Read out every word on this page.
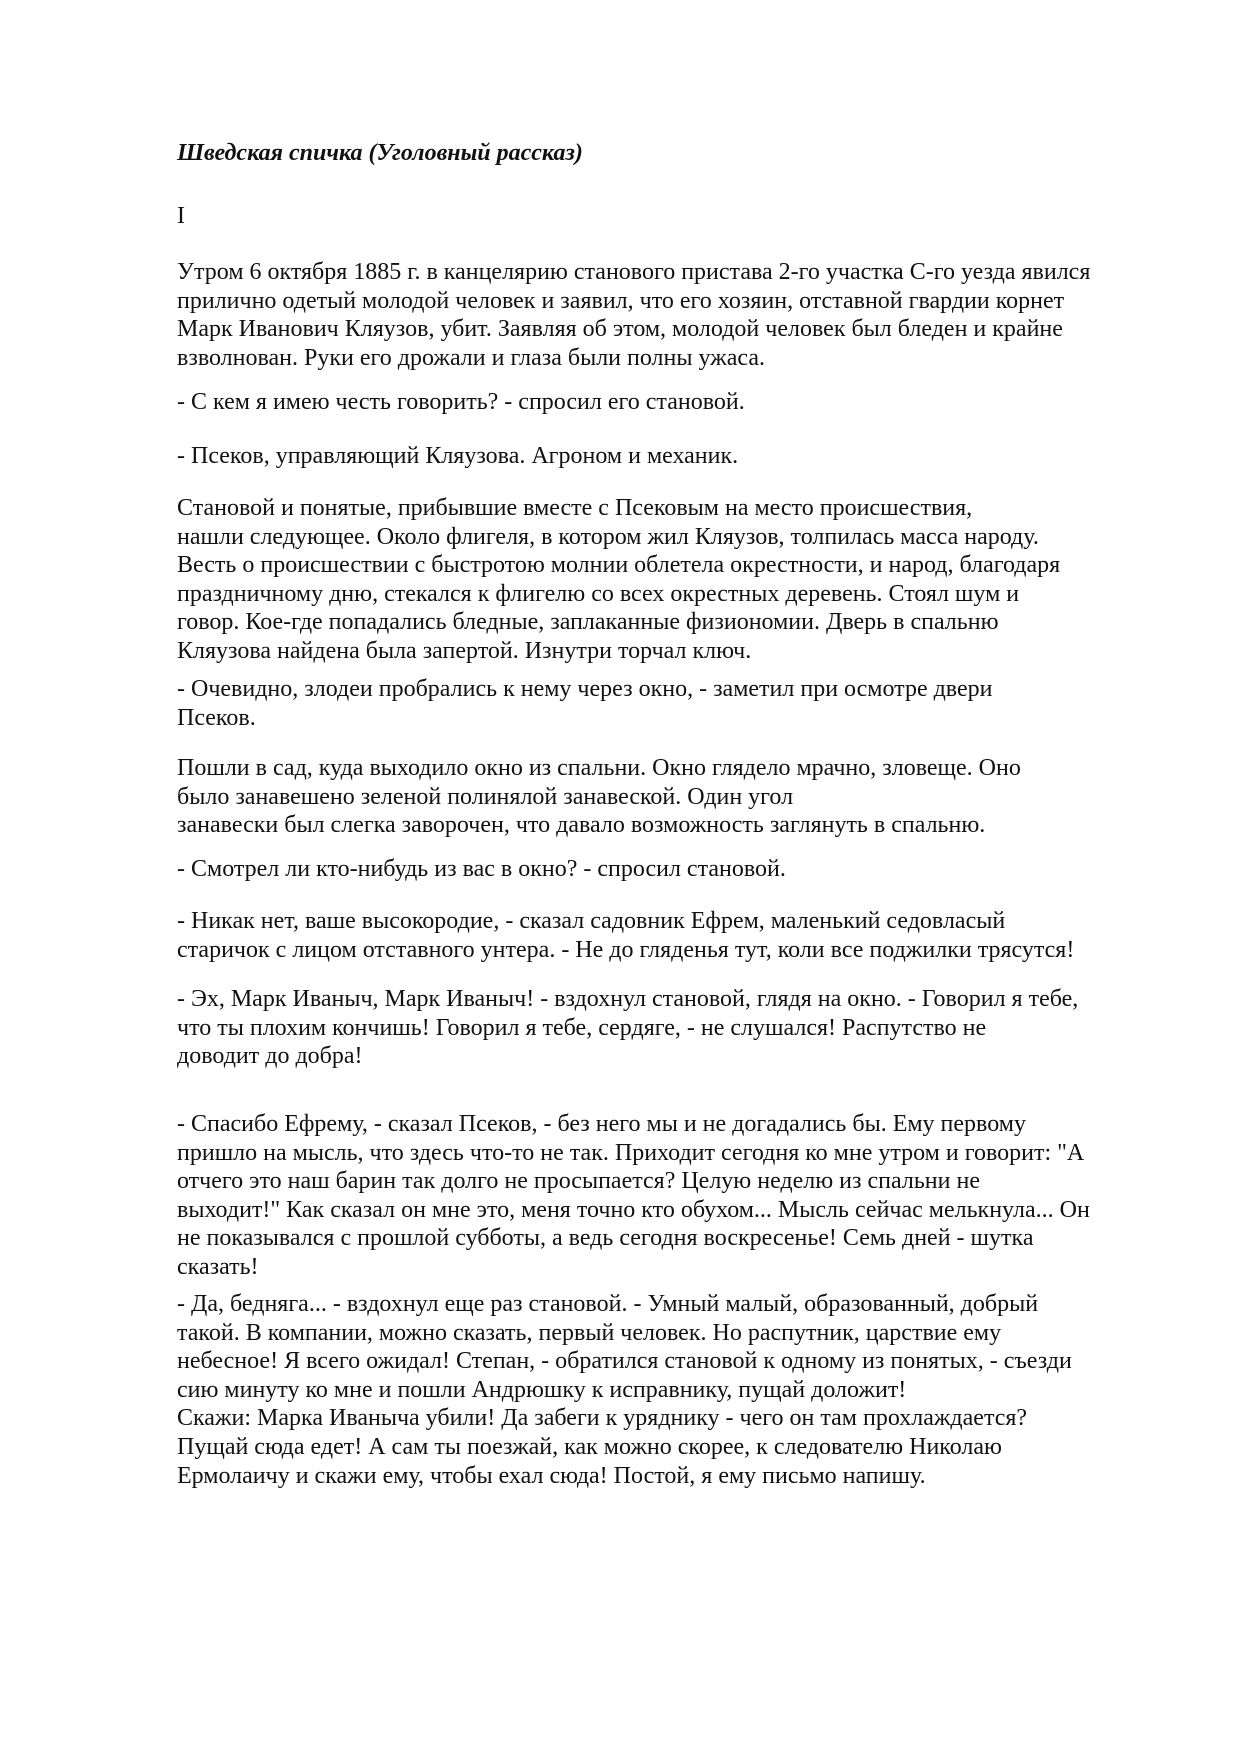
Шведская спичка (Уголовный рассказ)
I
Утром 6 октября 1885 г. в канцелярию станового пристава 2-го участка С-го уезда явился
прилично одетый молодой человек и заявил, что его хозяин, отставной гвардии корнет
Марк Иванович Кляузов, убит. Заявляя об этом, молодой человек был бледен и крайне
взволнован. Руки его дрожали и глаза были полны ужаса.
- С кем я имею честь говорить? - спросил его становой.
- Псеков, управляющий Кляузова. Агроном и механик.
Становой и понятые, прибывшие вместе с Псековым на место происшествия,
нашли следующее. Около флигеля, в котором жил Кляузов, толпилась масса народу.
Весть о происшествии с быстротою молнии облетела окрестности, и народ, благодаря
праздничному дню, стекался к флигелю со всех окрестных деревень. Стоял шум и
говор. Кое-где попадались бледные, заплаканные физиономии. Дверь в спальню
Кляузова найдена была запертой. Изнутри торчал ключ.
- Очевидно, злодеи пробрались к нему через окно, - заметил при осмотре двери
Псеков.
Пошли в сад, куда выходило окно из спальни. Окно глядело мрачно, зловеще. Оно
было занавешено зеленой полинялой занавеской. Один угол
занавески был слегка заворочен, что давало возможность заглянуть в спальню.
- Смотрел ли кто-нибудь из вас в окно? - спросил становой.
- Никак нет, ваше высокородие, - сказал садовник Ефрем, маленький седовласый
старичок с лицом отставного унтера. - Не до гляденья тут, коли все поджилки трясутся!
- Эх, Марк Иваныч, Марк Иваныч! - вздохнул становой, глядя на окно. - Говорил я тебе,
что ты плохим кончишь! Говорил я тебе, сердяге, - не слушался! Распутство не
доводит до добра!
- Спасибо Ефрему, - сказал Псеков, - без него мы и не догадались бы. Ему первому
пришло на мысль, что здесь что-то не так. Приходит сегодня ко мне утром и говорит: "А
отчего это наш барин так долго не просыпается? Целую неделю из спальни не
выходит!" Как сказал он мне это, меня точно кто обухом... Мысль сейчас мелькнула... Он
не показывался с прошлой субботы, а ведь сегодня воскресенье! Семь дней - шутка
сказать!
- Да, бедняга... - вздохнул еще раз становой. - Умный малый, образованный, добрый
такой. В компании, можно сказать, первый человек. Но распутник, царствие ему
небесное! Я всего ожидал! Степан, - обратился становой к одному из понятых, - съезди
сию минуту ко мне и пошли Андрюшку к исправнику, пущай доложит!
Скажи: Марка Иваныча убили! Да забеги к уряднику - чего он там прохлаждается?
Пущай сюда едет! А сам ты поезжай, как можно скорее, к следователю Николаю
Ермолаичу и скажи ему, чтобы ехал сюда! Постой, я ему письмо напишу.
